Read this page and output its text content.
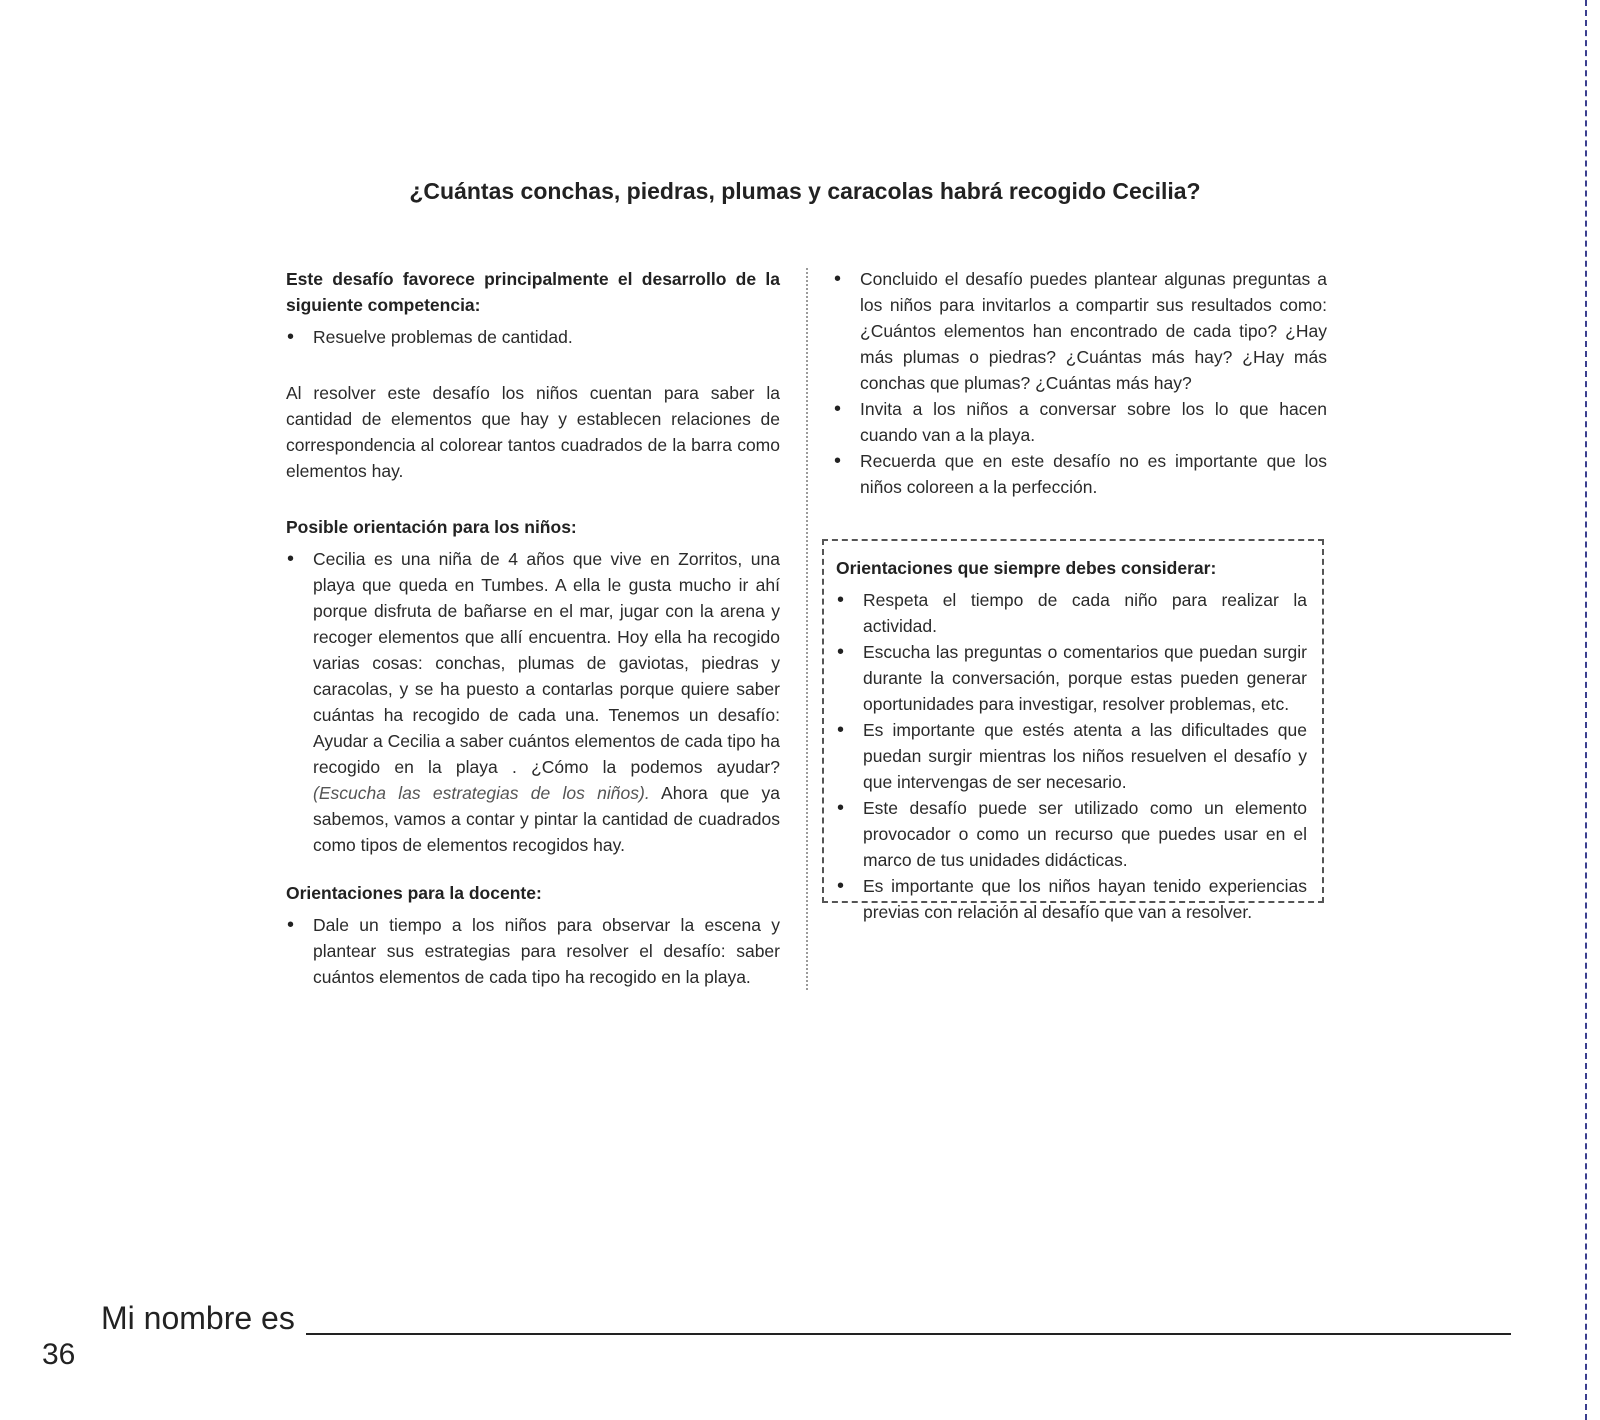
¿Cuántas conchas, piedras, plumas y caracolas habrá recogido Cecilia?
Este desafío favorece principalmente el desarrollo de la siguiente competencia:
• Resuelve problemas de cantidad.
Al resolver este desafío los niños cuentan para saber la cantidad de elementos que hay y establecen relaciones de correspondencia al colorear tantos cuadrados de la barra como elementos hay.
Posible orientación para los niños:
• Cecilia es una niña de 4 años que vive en Zorritos, una playa que queda en Tumbes. A ella le gusta mucho ir ahí porque disfruta de bañarse en el mar, jugar con la arena y recoger elementos que allí encuentra. Hoy ella ha recogido varias cosas: conchas, plumas de gaviotas, piedras y caracolas, y se ha puesto a contarlas porque quiere saber cuántas ha recogido de cada una. Tenemos un desafío: Ayudar a Cecilia a saber cuántos elementos de cada tipo ha recogido en la playa . ¿Cómo la podemos ayudar? (Escucha las estrategias de los niños). Ahora que ya sabemos, vamos a contar y pintar la cantidad de cuadrados como tipos de elementos recogidos hay.
Orientaciones para la docente:
• Dale un tiempo a los niños para observar la escena y plantear sus estrategias para resolver el desafío: saber cuántos elementos de cada tipo ha recogido en la playa.
• Concluido el desafío puedes plantear algunas preguntas a los niños para invitarlos a compartir sus resultados como: ¿Cuántos elementos han encontrado de cada tipo? ¿Hay más plumas o piedras? ¿Cuántas más hay? ¿Hay más conchas que plumas? ¿Cuántas más hay?
• Invita a los niños a conversar sobre los lo que hacen cuando van a la playa.
• Recuerda que en este desafío no es importante que los niños coloreen a la perfección.
Orientaciones que siempre debes considerar:
• Respeta el tiempo de cada niño para realizar la actividad.
• Escucha las preguntas o comentarios que puedan surgir durante la conversación, porque estas pueden generar oportunidades para investigar, resolver problemas, etc.
• Es importante que estés atenta a las dificultades que puedan surgir mientras los niños resuelven el desafío y que intervengas de ser necesario.
• Este desafío puede ser utilizado como un elemento provocador o como un recurso que puedes usar en el marco de tus unidades didácticas.
• Es importante que los niños hayan tenido experiencias previas con relación al desafío que van a resolver.
Mi nombre es
36
